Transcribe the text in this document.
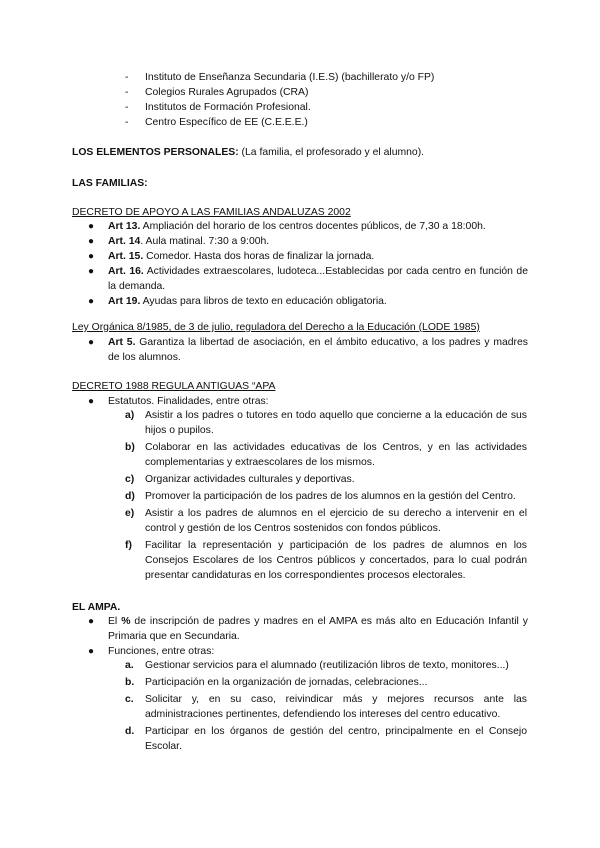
- Instituto de Enseñanza Secundaria (I.E.S) (bachillerato y/o FP)
- Colegios Rurales Agrupados (CRA)
- Institutos de Formación Profesional.
- Centro Específico de EE (C.E.E.E.)
LOS ELEMENTOS PERSONALES: (La familia, el profesorado y el alumno).
LAS FAMILIAS:
DECRETO DE APOYO A LAS FAMILIAS ANDALUZAS 2002
● Art 13. Ampliación del horario de los centros docentes públicos, de 7,30 a 18:00h.
● Art. 14. Aula matinal. 7:30 a 9:00h.
● Art. 15. Comedor. Hasta dos horas de finalizar la jornada.
● Art. 16. Actividades extraescolares, ludoteca...Establecidas por cada centro en función de la demanda.
● Art 19. Ayudas para libros de texto en educación obligatoria.
Ley Orgánica 8/1985, de 3 de julio, reguladora del Derecho a la Educación (LODE 1985)
● Art 5. Garantiza la libertad de asociación, en el ámbito educativo, a los padres y madres de los alumnos.
DECRETO 1988 REGULA ANTIGUAS “APA
● Estatutos. Finalidades, entre otras:
a) Asistir a los padres o tutores en todo aquello que concierne a la educación de sus hijos o pupilos.
b) Colaborar en las actividades educativas de los Centros, y en las actividades complementarias y extraescolares de los mismos.
c) Organizar actividades culturales y deportivas.
d) Promover la participación de los padres de los alumnos en la gestión del Centro.
e) Asistir a los padres de alumnos en el ejercicio de su derecho a intervenir en el control y gestión de los Centros sostenidos con fondos públicos.
f) Facilitar la representación y participación de los padres de alumnos en los Consejos Escolares de los Centros públicos y concertados, para lo cual podrán presentar candidaturas en los correspondientes procesos electorales.
EL AMPA.
● El % de inscripción de padres y madres en el AMPA es más alto en Educación Infantil y Primaria que en Secundaria.
● Funciones, entre otras:
a. Gestionar servicios para el alumnado (reutilización libros de texto, monitores...)
b. Participación en la organización de jornadas, celebraciones...
c. Solicitar y, en su caso, reivindicar más y mejores recursos ante las administraciones pertinentes, defendiendo los intereses del centro educativo.
d. Participar en los órganos de gestión del centro, principalmente en el Consejo Escolar.
